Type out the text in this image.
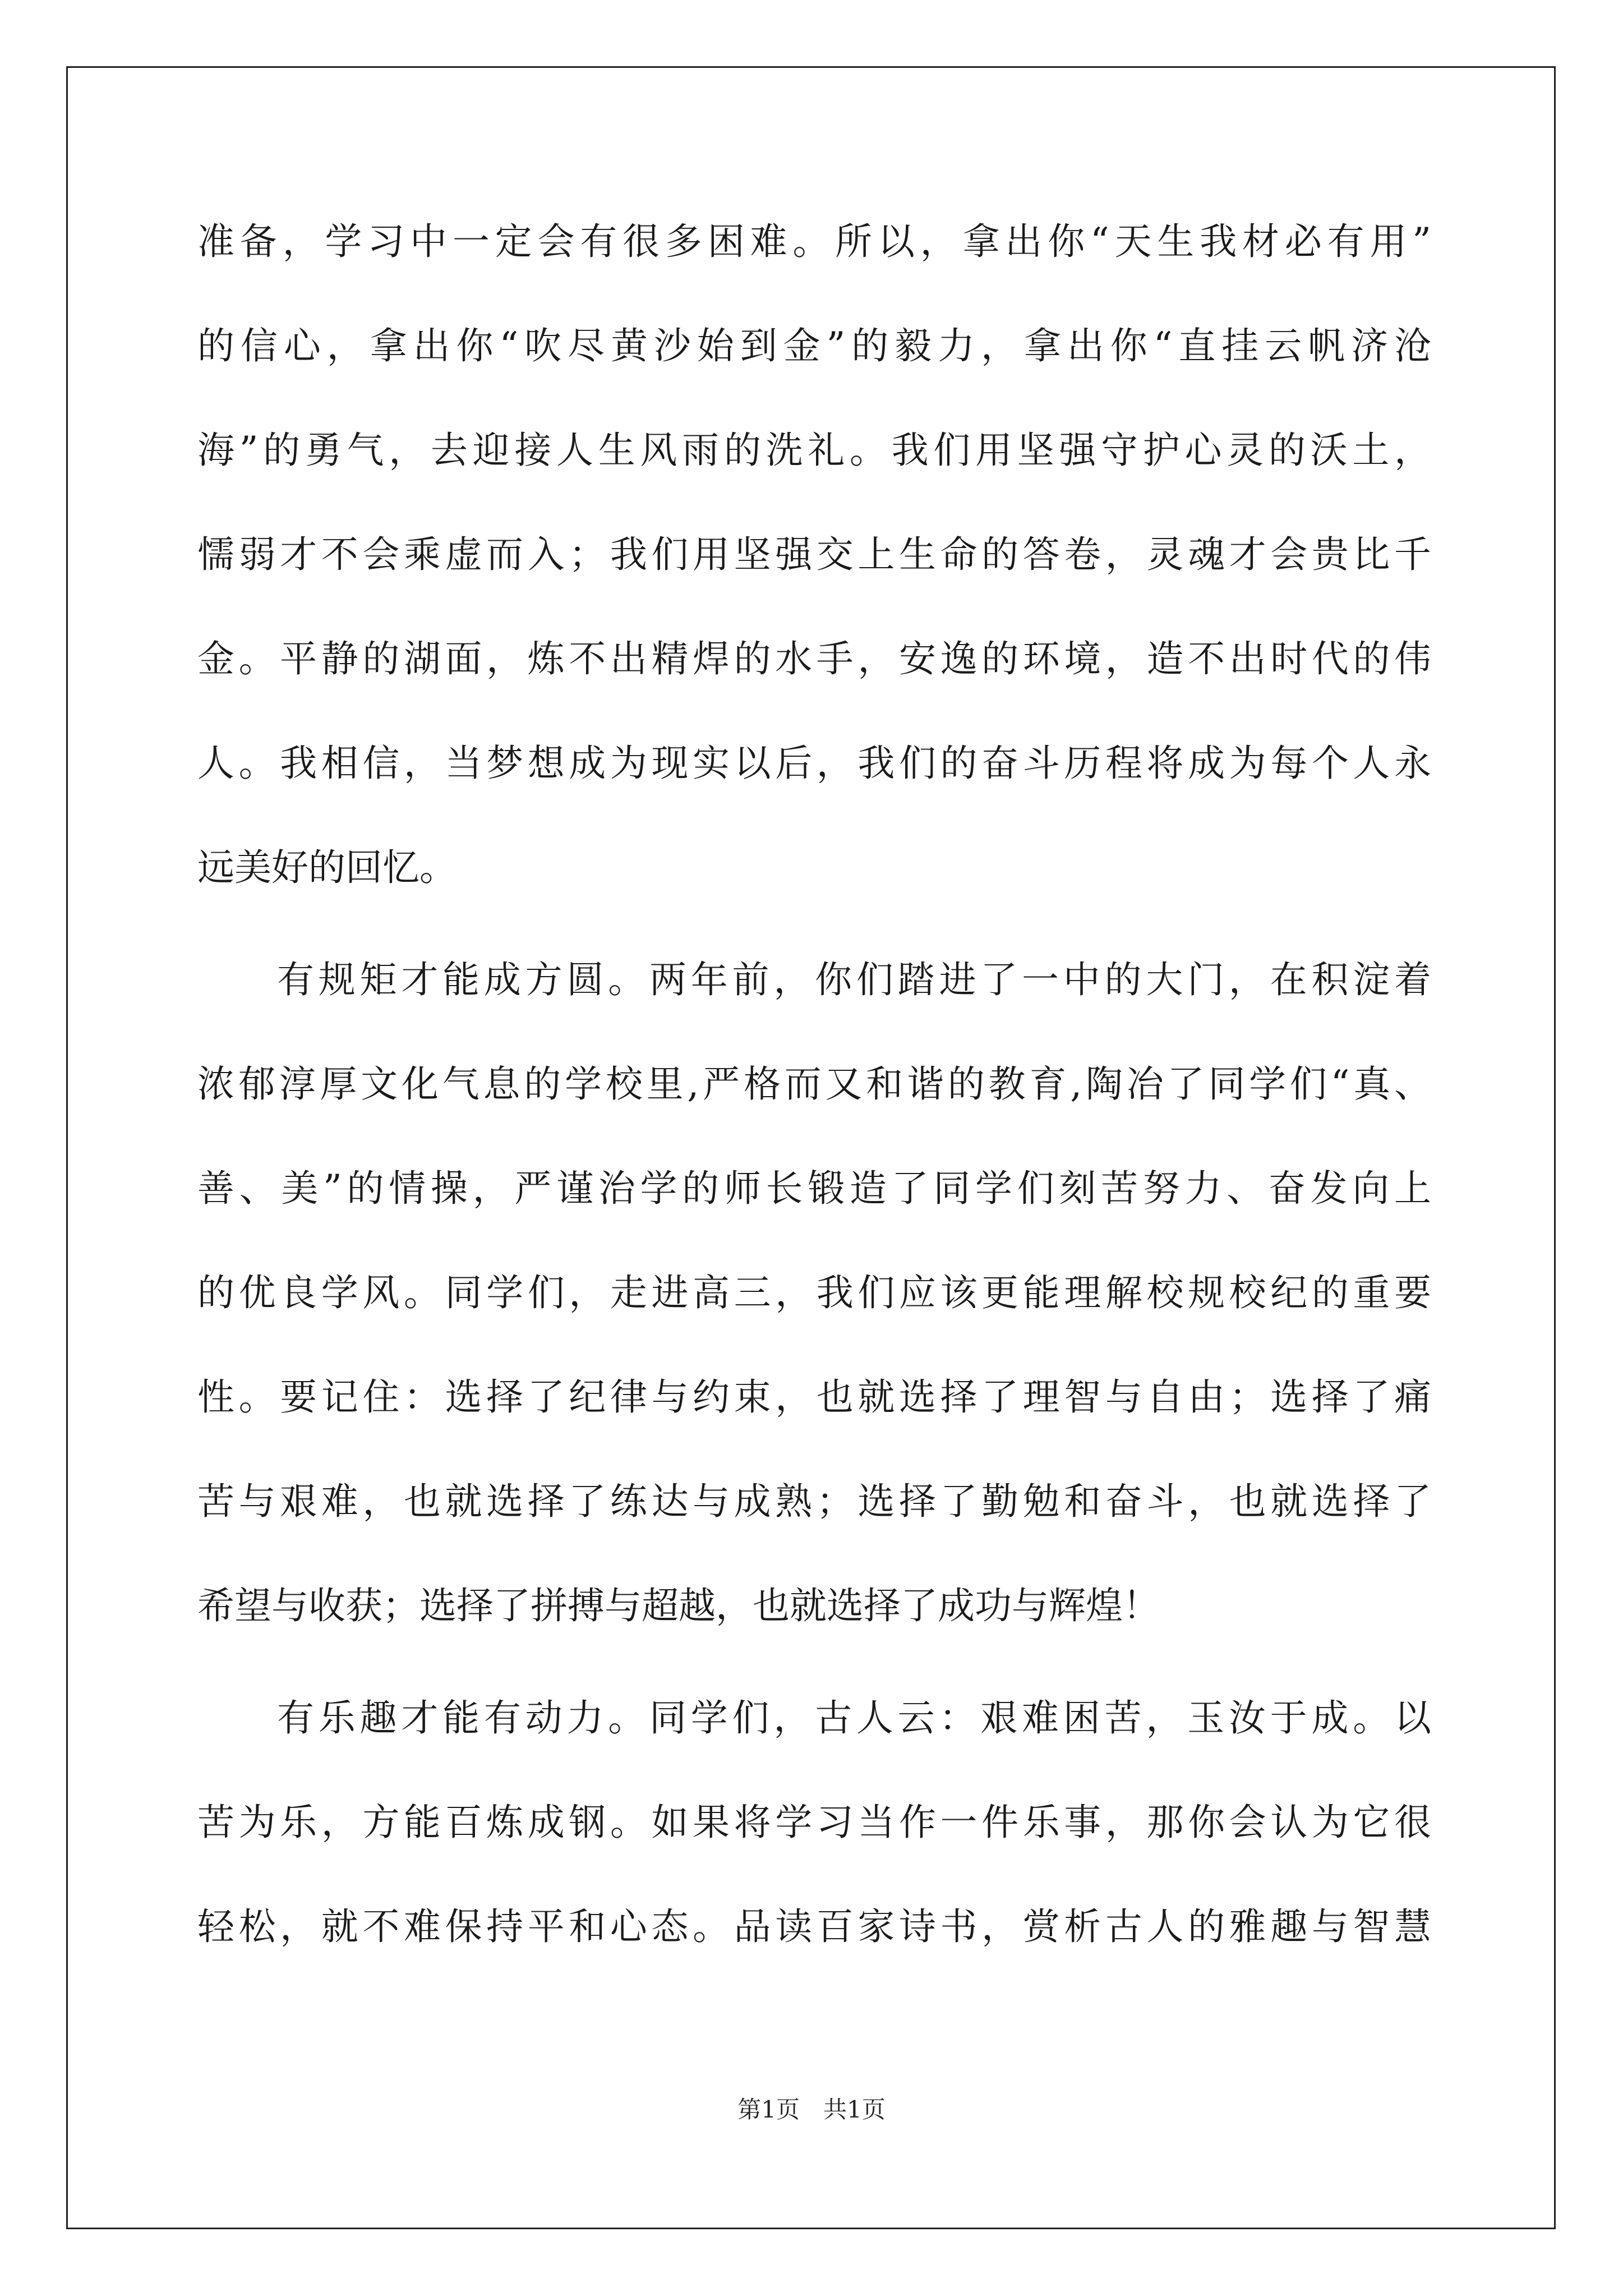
准备，学习中一定会有很多困难。所以，拿出你“天生我材必有用”
的信心，拿出你“吹尽黄沙始到金”的毅力，拿出你“直挂云帆济沧
海”的勇气，去迎接人生风雨的洗礼。我们用坚强守护心灵的沃土，
懦弱才不会乘虚而入；我们用坚强交上生命的答卷，灵魂才会贵比千
金。平静的湖面，炼不出精焊的水手，安逸的环境，造不出时代的伟
人。我相信，当梦想成为现实以后，我们的奋斗历程将成为每个人永
远美好的回忆。
有规矩才能成方圆。两年前，你们踏进了一中的大门，在积淀着
浓郁淳厚文化气息的学校里,严格而又和谐的教育,陶冶了同学们“真、
善、美”的情操，严谨治学的师长锻造了同学们刻苦努力、奋发向上
的优良学风。同学们，走进高三，我们应该更能理解校规校纪的重要
性。要记住：选择了纪律与约束，也就选择了理智与自由；选择了痛
苦与艰难，也就选择了练达与成熟；选择了勤勉和奋斗，也就选择了
希望与收获；选择了拼搏与超越，也就选择了成功与辉煌！
有乐趣才能有动力。同学们，古人云：艰难困苦，玉汝于成。以
苦为乐，方能百炼成钢。如果将学习当作一件乐事，那你会认为它很
轻松，就不难保持平和心态。品读百家诗书，赏析古人的雅趣与智慧
第1页　共1页
